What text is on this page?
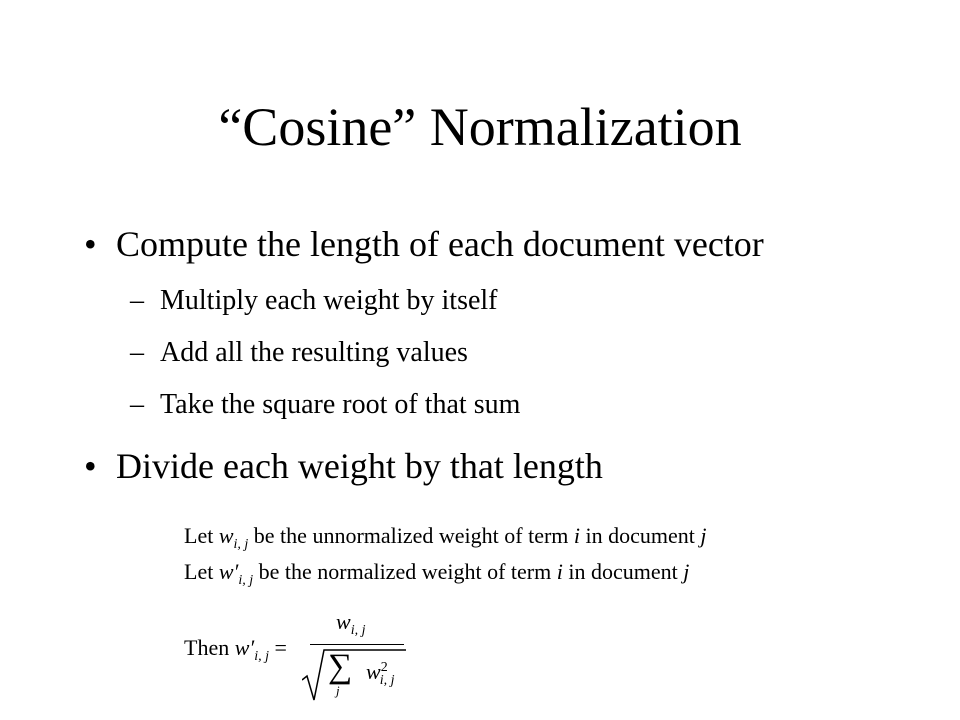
“Cosine” Normalization
• Compute the length of each document vector
– Multiply each weight by itself
– Add all the resulting values
– Take the square root of that sum
• Divide each weight by that length
Let $w_{i, j}$ be the unnormalized weight of term i in document j
Let $w'_{i, j}$ be the normalized weight of term i in document j
Then $w'_{i, j}$ =
$w_{i, j}$
∑
j
$w^2_{i, j}$
